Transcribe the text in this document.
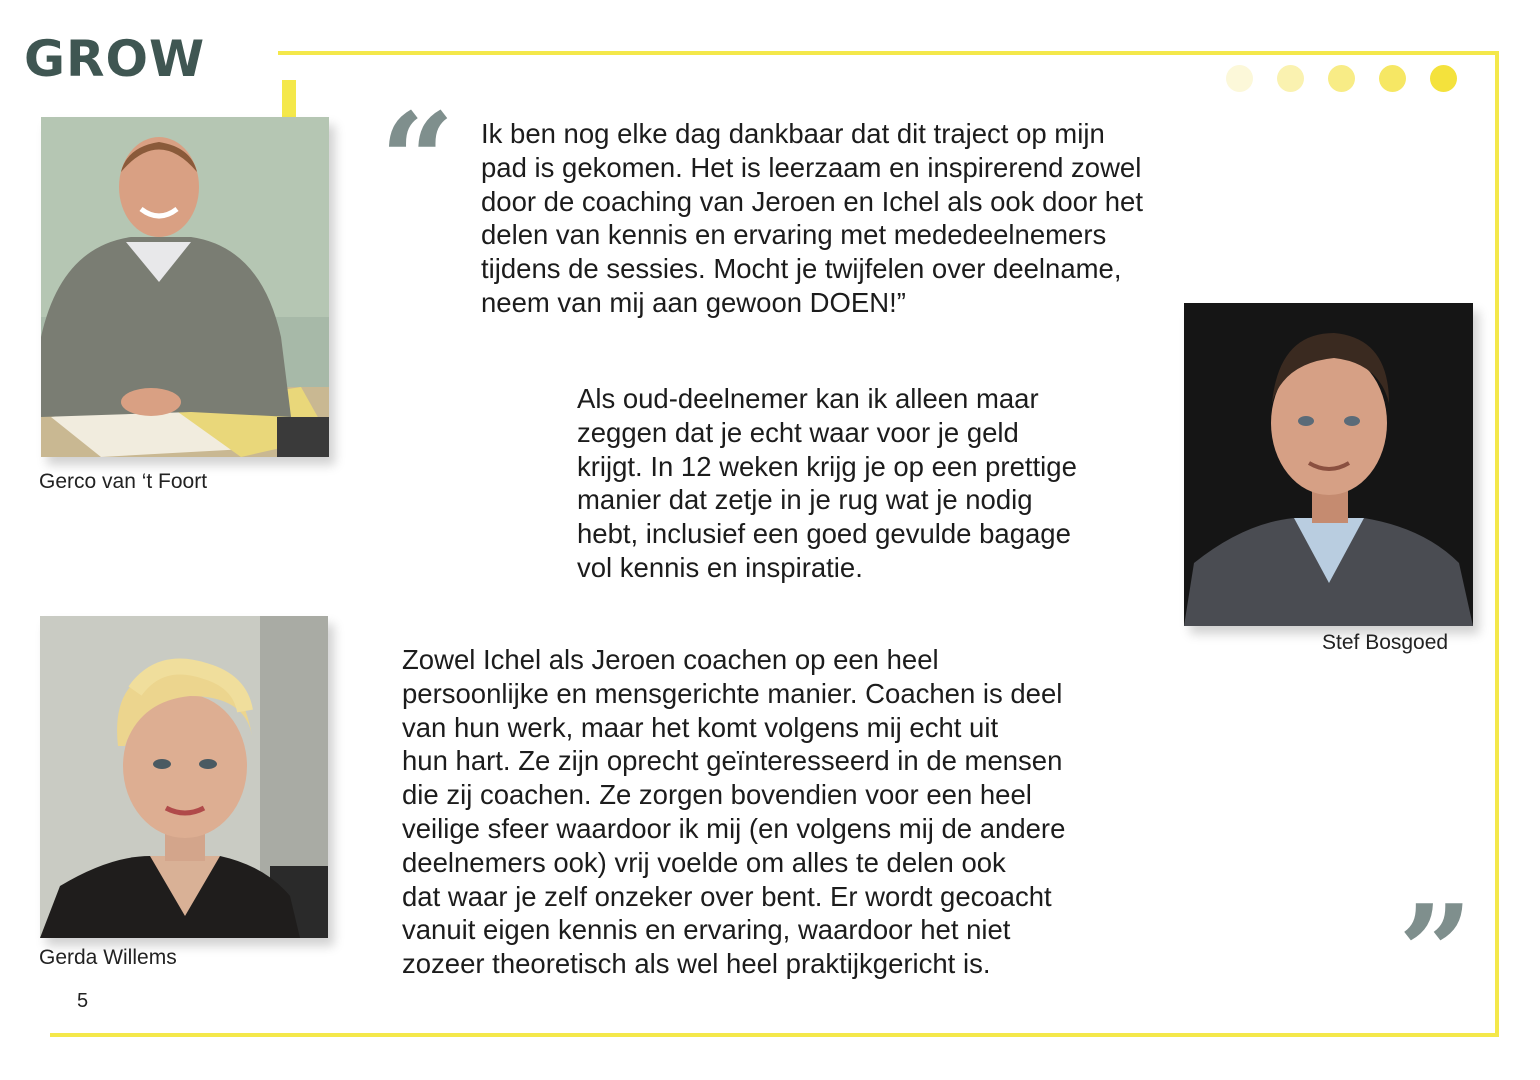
GROW
Gerco van ‘t Foort
Stef Bosgoed
Gerda Willems
“
”

Ik ben nog elke dag dankbaar dat dit traject op mijn

pad is gekomen. Het is leerzaam en inspirerend zowel

door de coaching van Jeroen en Ichel als ook door het

delen van kennis en ervaring met mededeelnemers

tijdens de sessies. Mocht je twijfelen over deelname,

neem van mij aan gewoon DOEN!”

Als oud-deelnemer kan ik alleen maar

zeggen dat je echt waar voor je geld

krijgt. In 12 weken krijg je op een prettige

manier dat zetje in je rug wat je nodig

hebt, inclusief een goed gevulde bagage

vol kennis en inspiratie.

Zowel Ichel als Jeroen coachen op een heel

persoonlijke en mensgerichte manier. Coachen is deel

van hun werk, maar het komt volgens mij echt uit

hun hart. Ze zijn oprecht geïnteresseerd in de mensen

die zij coachen. Ze zorgen bovendien voor een heel

veilige sfeer waardoor ik mij (en volgens mij de andere

deelnemers ook) vrij voelde om alles te delen ook

dat waar je zelf onzeker over bent. Er wordt gecoacht

vanuit eigen kennis en ervaring, waardoor het niet

zozeer theoretisch als wel heel praktijkgericht is.

5
